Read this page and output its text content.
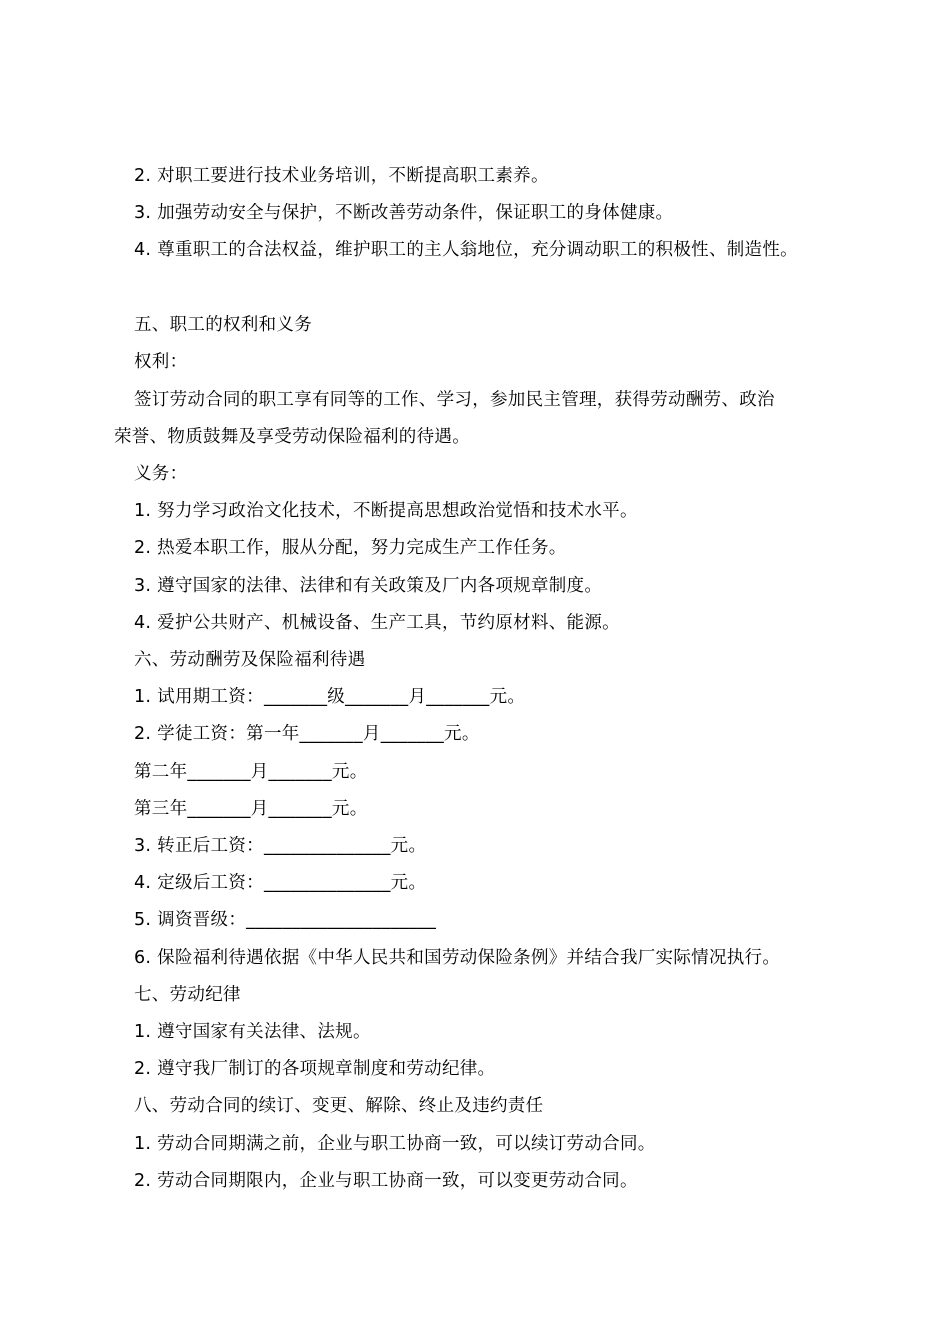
2. 对职工要进行技术业务培训，不断提高职工素养。
3. 加强劳动安全与保护，不断改善劳动条件，保证职工的身体健康。
4. 尊重职工的合法权益，维护职工的主人翁地位，充分调动职工的积极性、制造性。
五、职工的权利和义务
权利：
签订劳动合同的职工享有同等的工作、学习，参加民主管理，获得劳动酬劳、政治
荣誉、物质鼓舞及享受劳动保险福利的待遇。
义务：
1. 努力学习政治文化技术，不断提高思想政治觉悟和技术水平。
2. 热爱本职工作，服从分配，努力完成生产工作任务。
3. 遵守国家的法律、法律和有关政策及厂内各项规章制度。
4. 爱护公共财产、机械设备、生产工具，节约原材料、能源。
六、劳动酬劳及保险福利待遇
1. 试用期工资：_______级_______月_______元。
2. 学徒工资：第一年_______月_______元。
第二年_______月_______元。
第三年_______月_______元。
3. 转正后工资：______________元。
4. 定级后工资：______________元。
5. 调资晋级：_____________________
6. 保险福利待遇依据《中华人民共和国劳动保险条例》并结合我厂实际情况执行。
七、劳动纪律
1. 遵守国家有关法律、法规。
2. 遵守我厂制订的各项规章制度和劳动纪律。
八、劳动合同的续订、变更、解除、终止及违约责任
1. 劳动合同期满之前，企业与职工协商一致，可以续订劳动合同。
2. 劳动合同期限内，企业与职工协商一致，可以变更劳动合同。
